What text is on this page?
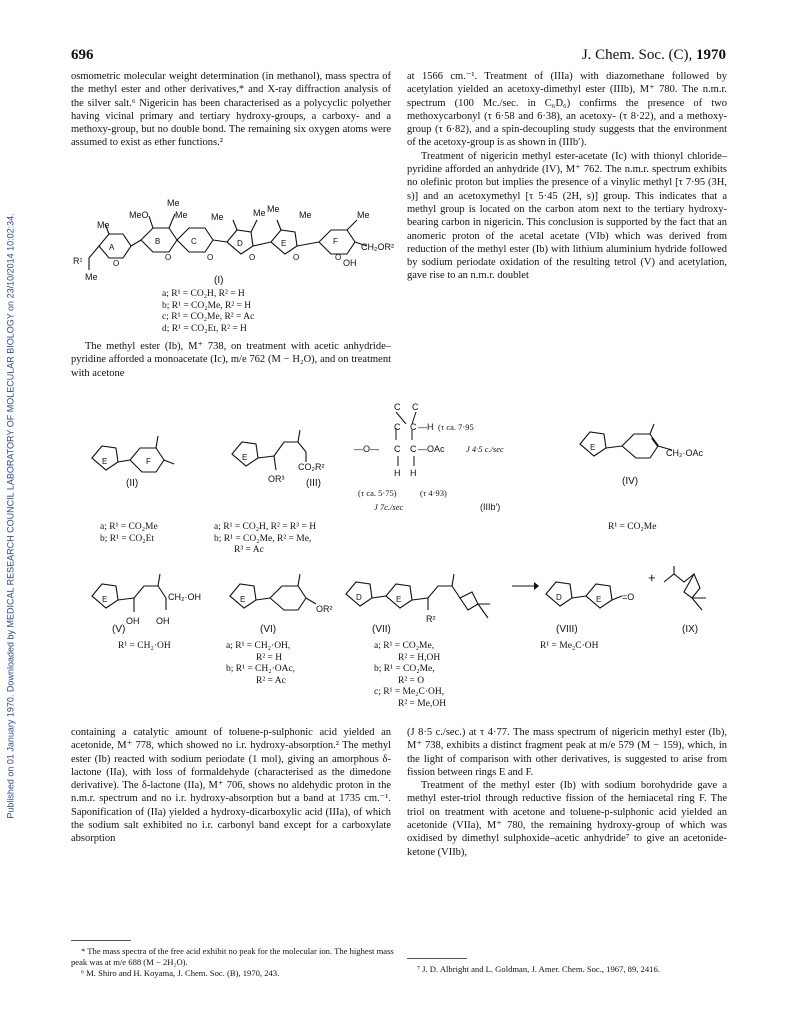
Published on 01 January 1970. Downloaded by MEDICAL RESEARCH COUNCIL LABORATORY OF MOLECULAR BIOLOGY on 23/10/2014 10:02:34.
696	J. Chem. Soc. (C), 1970

osmometric molecular weight determination (in methanol), mass spectra of the methyl ester and other derivatives,* and X-ray diffraction analysis of the silver salt.⁶ Nigericin has been characterised as a polycyclic polyether having vicinal primary and tertiary hydroxy-groups, a carboxy- and a methoxy-group, but no double bond. The remaining six oxygen atoms were assumed to exist as ether functions.²

A
B	C	D	E	F
Me
MeO
Me
Me	Me	Me Me
Me	Me
R¹
CH₂OR²
OH
Me
O
O	O	O	O	O
(I)
a; R¹ = CO₂H, R² = H
b; R¹ = CO₂Me, R² = H
c; R¹ = CO₂Me, R² = Ac
d; R¹ = CO₂Et, R² = H

The methyl ester (Ib), M⁺ 738, on treatment with acetic anhydride–pyridine afforded a monoacetate (Ic), m/e 762 (M − H₂O), and on treatment with acetone

at 1566 cm.⁻¹. Treatment of (IIIa) with diazomethane followed by acetylation yielded an acetoxy-dimethyl ester (IIIb), M⁺ 780. The n.m.r. spectrum (100 Mc./sec. in C₆D₆) confirms the presence of two methoxycarbonyl (τ 6·58 and 6·38), an acetoxy- (τ 8·22), and a methoxy-group (τ 6·82), and a spin-decoupling study suggests that the environment of the acetoxy-group is as shown in (IIIb′).

Treatment of nigericin methyl ester-acetate (Ic) with thionyl chloride–pyridine afforded an anhydride (IV), M⁺ 762. The n.m.r. spectrum exhibits no olefinic proton but implies the presence of a vinylic methyl [τ 7·95 (3H, s)] and an acetoxymethyl [τ 5·45 (2H, s)] group. This indicates that a methyl group is located on the carbon atom next to the tertiary hydroxy-bearing carbon in nigericin. This conclusion is supported by the fact that an anomeric proton of the acetal acetate (VIb) which was derived from reduction of the methyl ester (Ib) with lithium aluminium hydride followed by sodium periodate oxidation of the resulting tetrol (V) and acetylation, gave rise to an n.m.r. doublet

E	F
(II)
a; R¹ = CO₂Me
b; R¹ = CO₂Et
E
CO₂R²
OR³ (III)
a; R¹ = CO₂H, R² = R³ = H
b; R¹ = CO₂Me, R² = Me,
R³ = Ac
C C
C C —H
—O— C C —OAc
H H
(τ ca. 7·95
J 4·5 c./sec
(τ ca. 5·75)	(τ 4·93)
J 7c./sec	(IIIb′)
E
CH₂·OAc
(IV)
R¹ = CO₂Me
E	CH₂·OH
OH OH
(V)
R¹ = CH₂·OH
E
OR²
(VI)
a; R¹ = CH₂·OH,
R² = H
b; R¹ = CH₂·OAc,
R² = Ac
D	E
R²
(VII)
a; R¹ = CO₂Me,
R² = H,OH
b; R¹ = CO₂Me,
R² = O
c; R¹ = Me₂C·OH,
R² = Me,OH
D	E =O
(VIII)
R¹ = Me₂C·OH
+
(IX)

containing a catalytic amount of toluene-p-sulphonic acid yielded an acetonide, M⁺ 778, which showed no i.r. hydroxy-absorption.² The methyl ester (Ib) reacted with sodium periodate (1 mol), giving an amorphous δ-lactone (IIa), with loss of formaldehyde (characterised as the dimedone derivative). The δ-lactone (IIa), M⁺ 706, shows no aldehydic proton in the n.m.r. spectrum and no i.r. hydroxy-absorption but a band at 1735 cm.⁻¹. Saponification of (IIa) yielded a hydroxy-dicarboxylic acid (IIIa), of which the sodium salt exhibited no i.r. carbonyl band except for a carboxylate absorption

(J 8·5 c./sec.) at τ 4·77. The mass spectrum of nigericin methyl ester (Ib), M⁺ 738, exhibits a distinct fragment peak at m/e 579 (M − 159), which, in the light of comparison with other derivatives, is suggested to arise from fission between rings E and F.

Treatment of the methyl ester (Ib) with sodium borohydride gave a methyl ester-triol through reductive fission of the hemiacetal ring F. The triol on treatment with acetone and toluene-p-sulphonic acid yielded an acetonide (VIIa), M⁺ 780, the remaining hydroxy-group of which was oxidised by dimethyl sulphoxide–acetic anhydride⁷ to give an acetonide-ketone (VIIb),

* The mass spectra of the free acid exhibit no peak for the molecular ion. The highest mass peak was at m/e 688 (M − 2H₂O).
⁶ M. Shiro and H. Koyama, J. Chem. Soc. (B), 1970, 243.	⁷ J. D. Albright and L. Goldman, J. Amer. Chem. Soc., 1967, 89, 2416.
